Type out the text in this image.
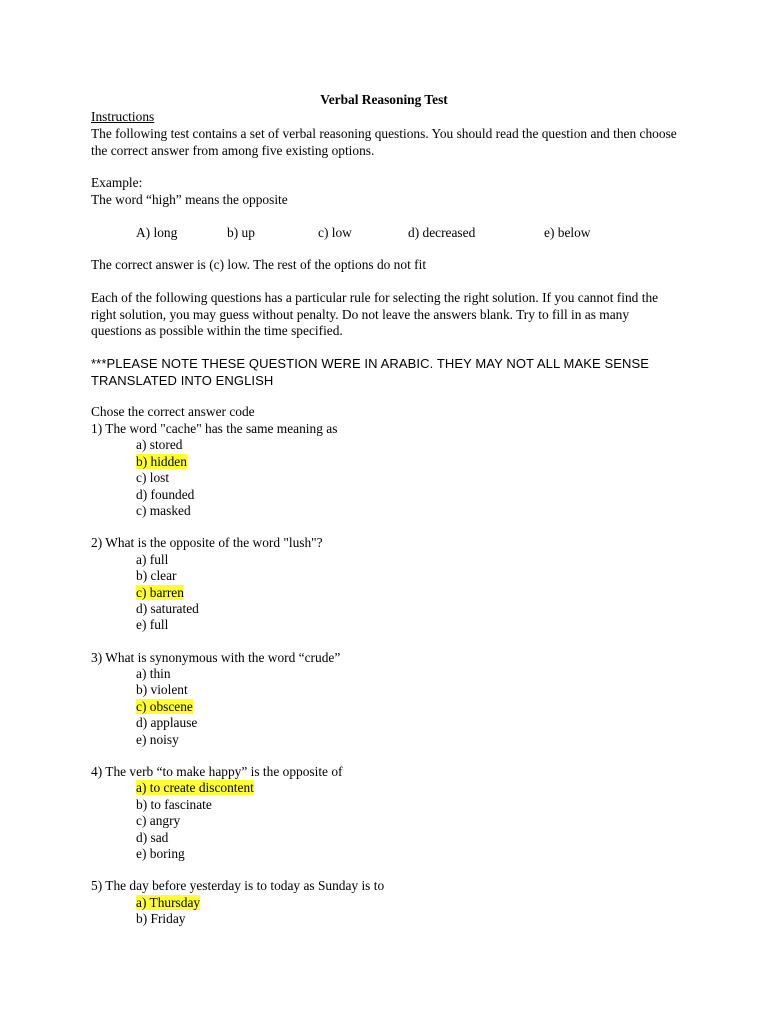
Verbal Reasoning Test
Instructions
The following test contains a set of verbal reasoning questions. You should read the question and then choose the correct answer from among five existing options.
Example:
The word “high” means the opposite
A) long	b) up	c) low	d) decreased	e) below
The correct answer is (c) low. The rest of the options do not fit
Each of the following questions has a particular rule for selecting the right solution. If you cannot find the right solution, you may guess without penalty. Do not leave the answers blank. Try to fill in as many questions as possible within the time specified.
***PLEASE NOTE THESE QUESTION WERE IN ARABIC. THEY MAY NOT ALL MAKE SENSE TRANSLATED INTO ENGLISH
Chose the correct answer code
1) The word "cache" has the same meaning as
a) stored
b) hidden
c) lost
d) founded
c) masked
2) What is the opposite of the word "lush"?
a) full
b) clear
c) barren
d) saturated
e) full
3) What is synonymous with the word “crude”
a) thin
b) violent
c) obscene
d) applause
e) noisy
4) The verb “to make happy” is the opposite of
a) to create discontent
b) to fascinate
c) angry
d) sad
e) boring
5) The day before yesterday is to today as Sunday is to
a) Thursday
b) Friday
